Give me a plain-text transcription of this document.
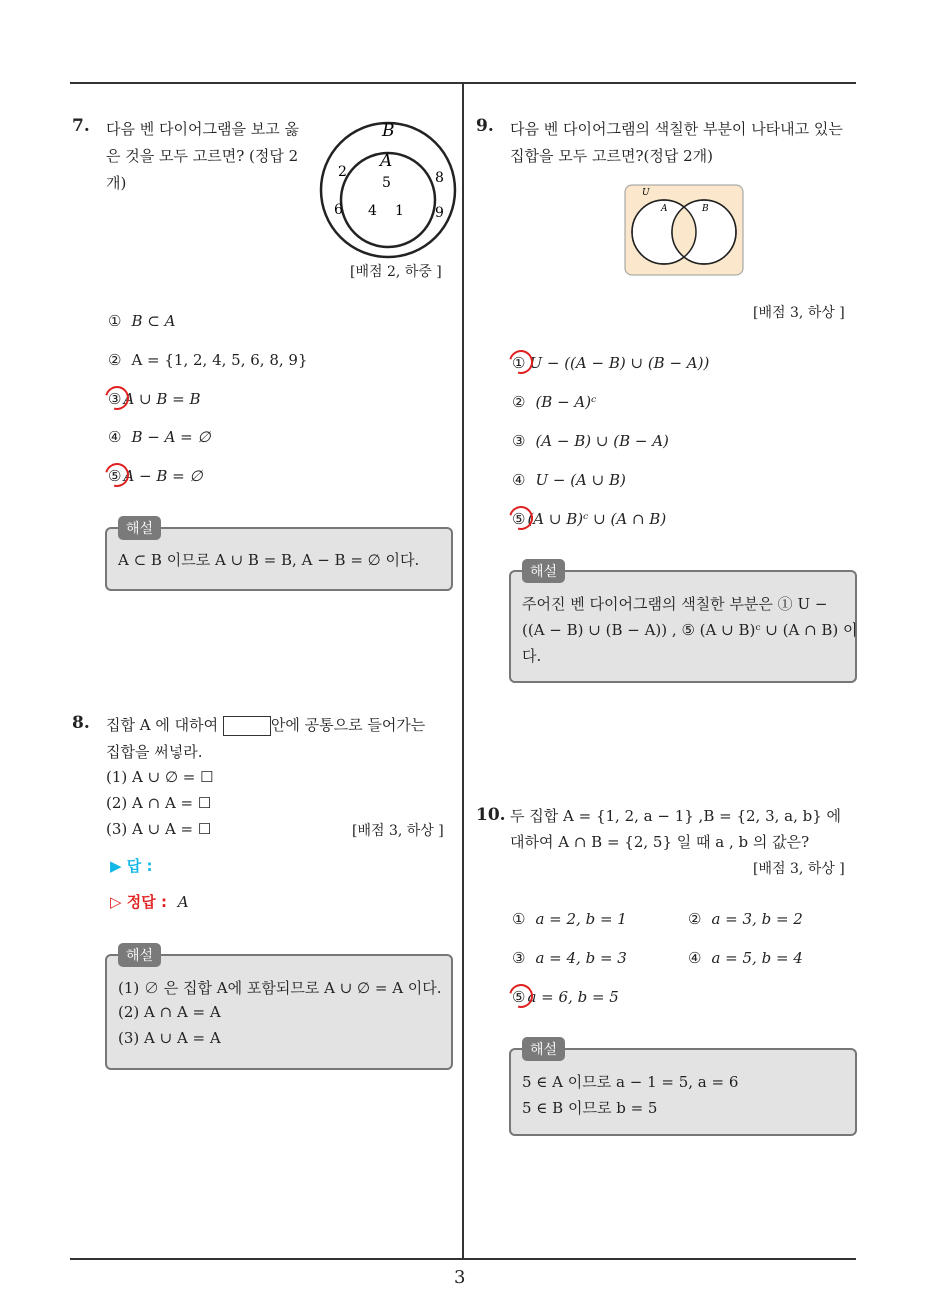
3
7. 다음 벤 다이어그램을 보고 옳은 것을 모두 고르면? (정답 2개)
B
A
5
4 1
2
6
8
9
[배점 2, 하중 ]
① B ⊂ A
② A = {1, 2, 4, 5, 6, 8, 9}
③ A ∪ B = B
④ B − A = ∅
⑤ A − B = ∅
해설
A ⊂ B 이므로 A ∪ B = B, A − B = ∅ 이다.
8. 집합 A 에 대하여	안에 공통으로 들어가는
집합을 써넣라.
(1) A ∪ ∅ = ☐
(2) A ∩ A = ☐
(3) A ∪ A = ☐	[배점 3, 하상 ]
▶ 답 :
▷ 정답 : A
해설
(1) ∅ 은 집합 A에 포함되므로 A ∪ ∅ = A 이다.
(2) A ∩ A = A
(3) A ∪ A = A
9. 다음 벤 다이어그램의 색칠한 부분이 나타내고 있는 집합을 모두 고르면?(정답 2개)
U
A	B
[배점 3, 하상 ]
① U − ((A − B) ∪ (B − A))
② (B − A)ᶜ
③ (A − B) ∪ (B − A)
④ U − (A ∪ B)
⑤ (A ∪ B)ᶜ ∪ (A ∩ B)
해설
주어진 벤 다이어그램의 색칠한 부분은 ① U −
((A − B) ∪ (B − A)) , ⑤ (A ∪ B)ᶜ ∪ (A ∩ B) 이
다.
10. 두 집합 A = {1, 2, a − 1} ,B = {2, 3, a, b} 에
대하여 A ∩ B = {2, 5} 일 때 a , b 의 값은?
[배점 3, 하상 ]
① a = 2, b = 1	② a = 3, b = 2
③ a = 4, b = 3	④ a = 5, b = 4
⑤ a = 6, b = 5
해설
5 ∈ A 이므로 a − 1 = 5, a = 6
5 ∈ B 이므로 b = 5
